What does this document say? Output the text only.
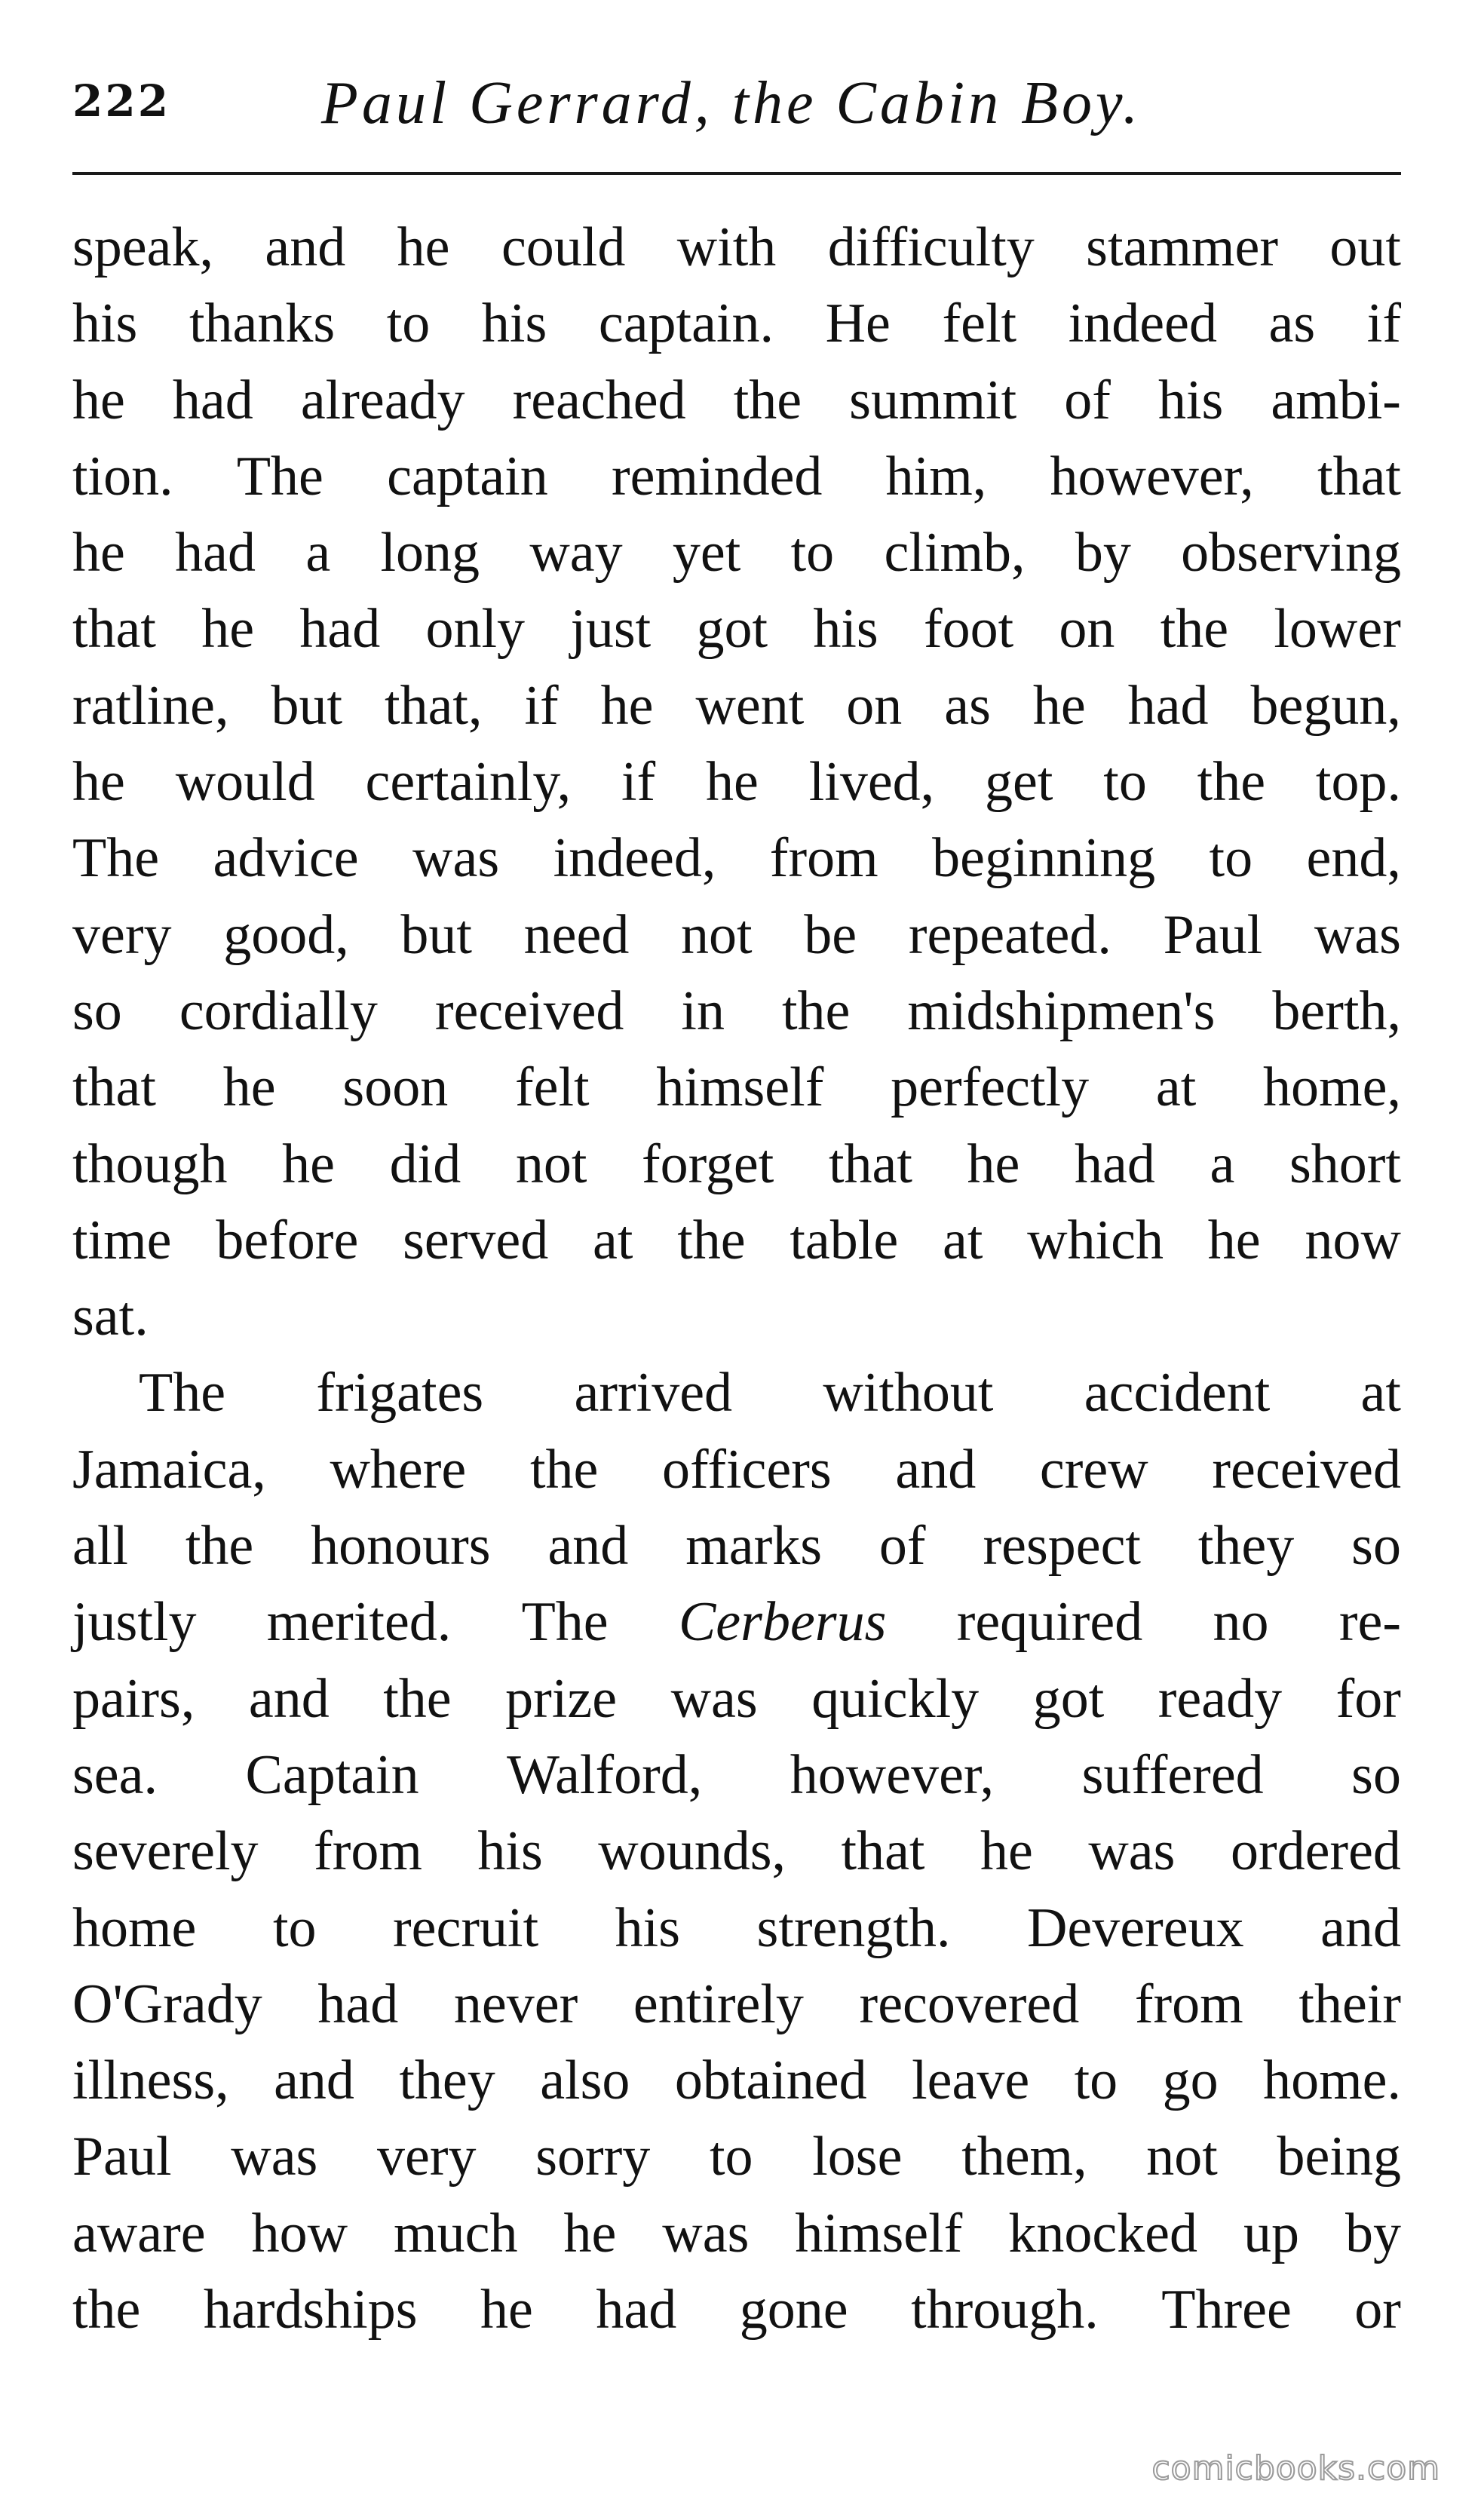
222 Paul Gerrard, the Cabin Boy.
speak, and he could with difficulty stammer out
his thanks to his captain. He felt indeed as if
he had already reached the summit of his ambi-
tion. The captain reminded him, however, that
he had a long way yet to climb, by observing
that he had only just got his foot on the lower
ratline, but that, if he went on as he had begun,
he would certainly, if he lived, get to the top.
The advice was indeed, from beginning to end,
very good, but need not be repeated. Paul was
so cordially received in the midshipmen's berth,
that he soon felt himself perfectly at home,
though he did not forget that he had a short
time before served at the table at which he now
sat.
The frigates arrived without accident at
Jamaica, where the officers and crew received
all the honours and marks of respect they so
justly merited. The Cerberus required no re-
pairs, and the prize was quickly got ready for
sea. Captain Walford, however, suffered so
severely from his wounds, that he was ordered
home to recruit his strength. Devereux and
O'Grady had never entirely recovered from their
illness, and they also obtained leave to go home.
Paul was very sorry to lose them, not being
aware how much he was himself knocked up by
the hardships he had gone through. Three or
comicbooks.com
